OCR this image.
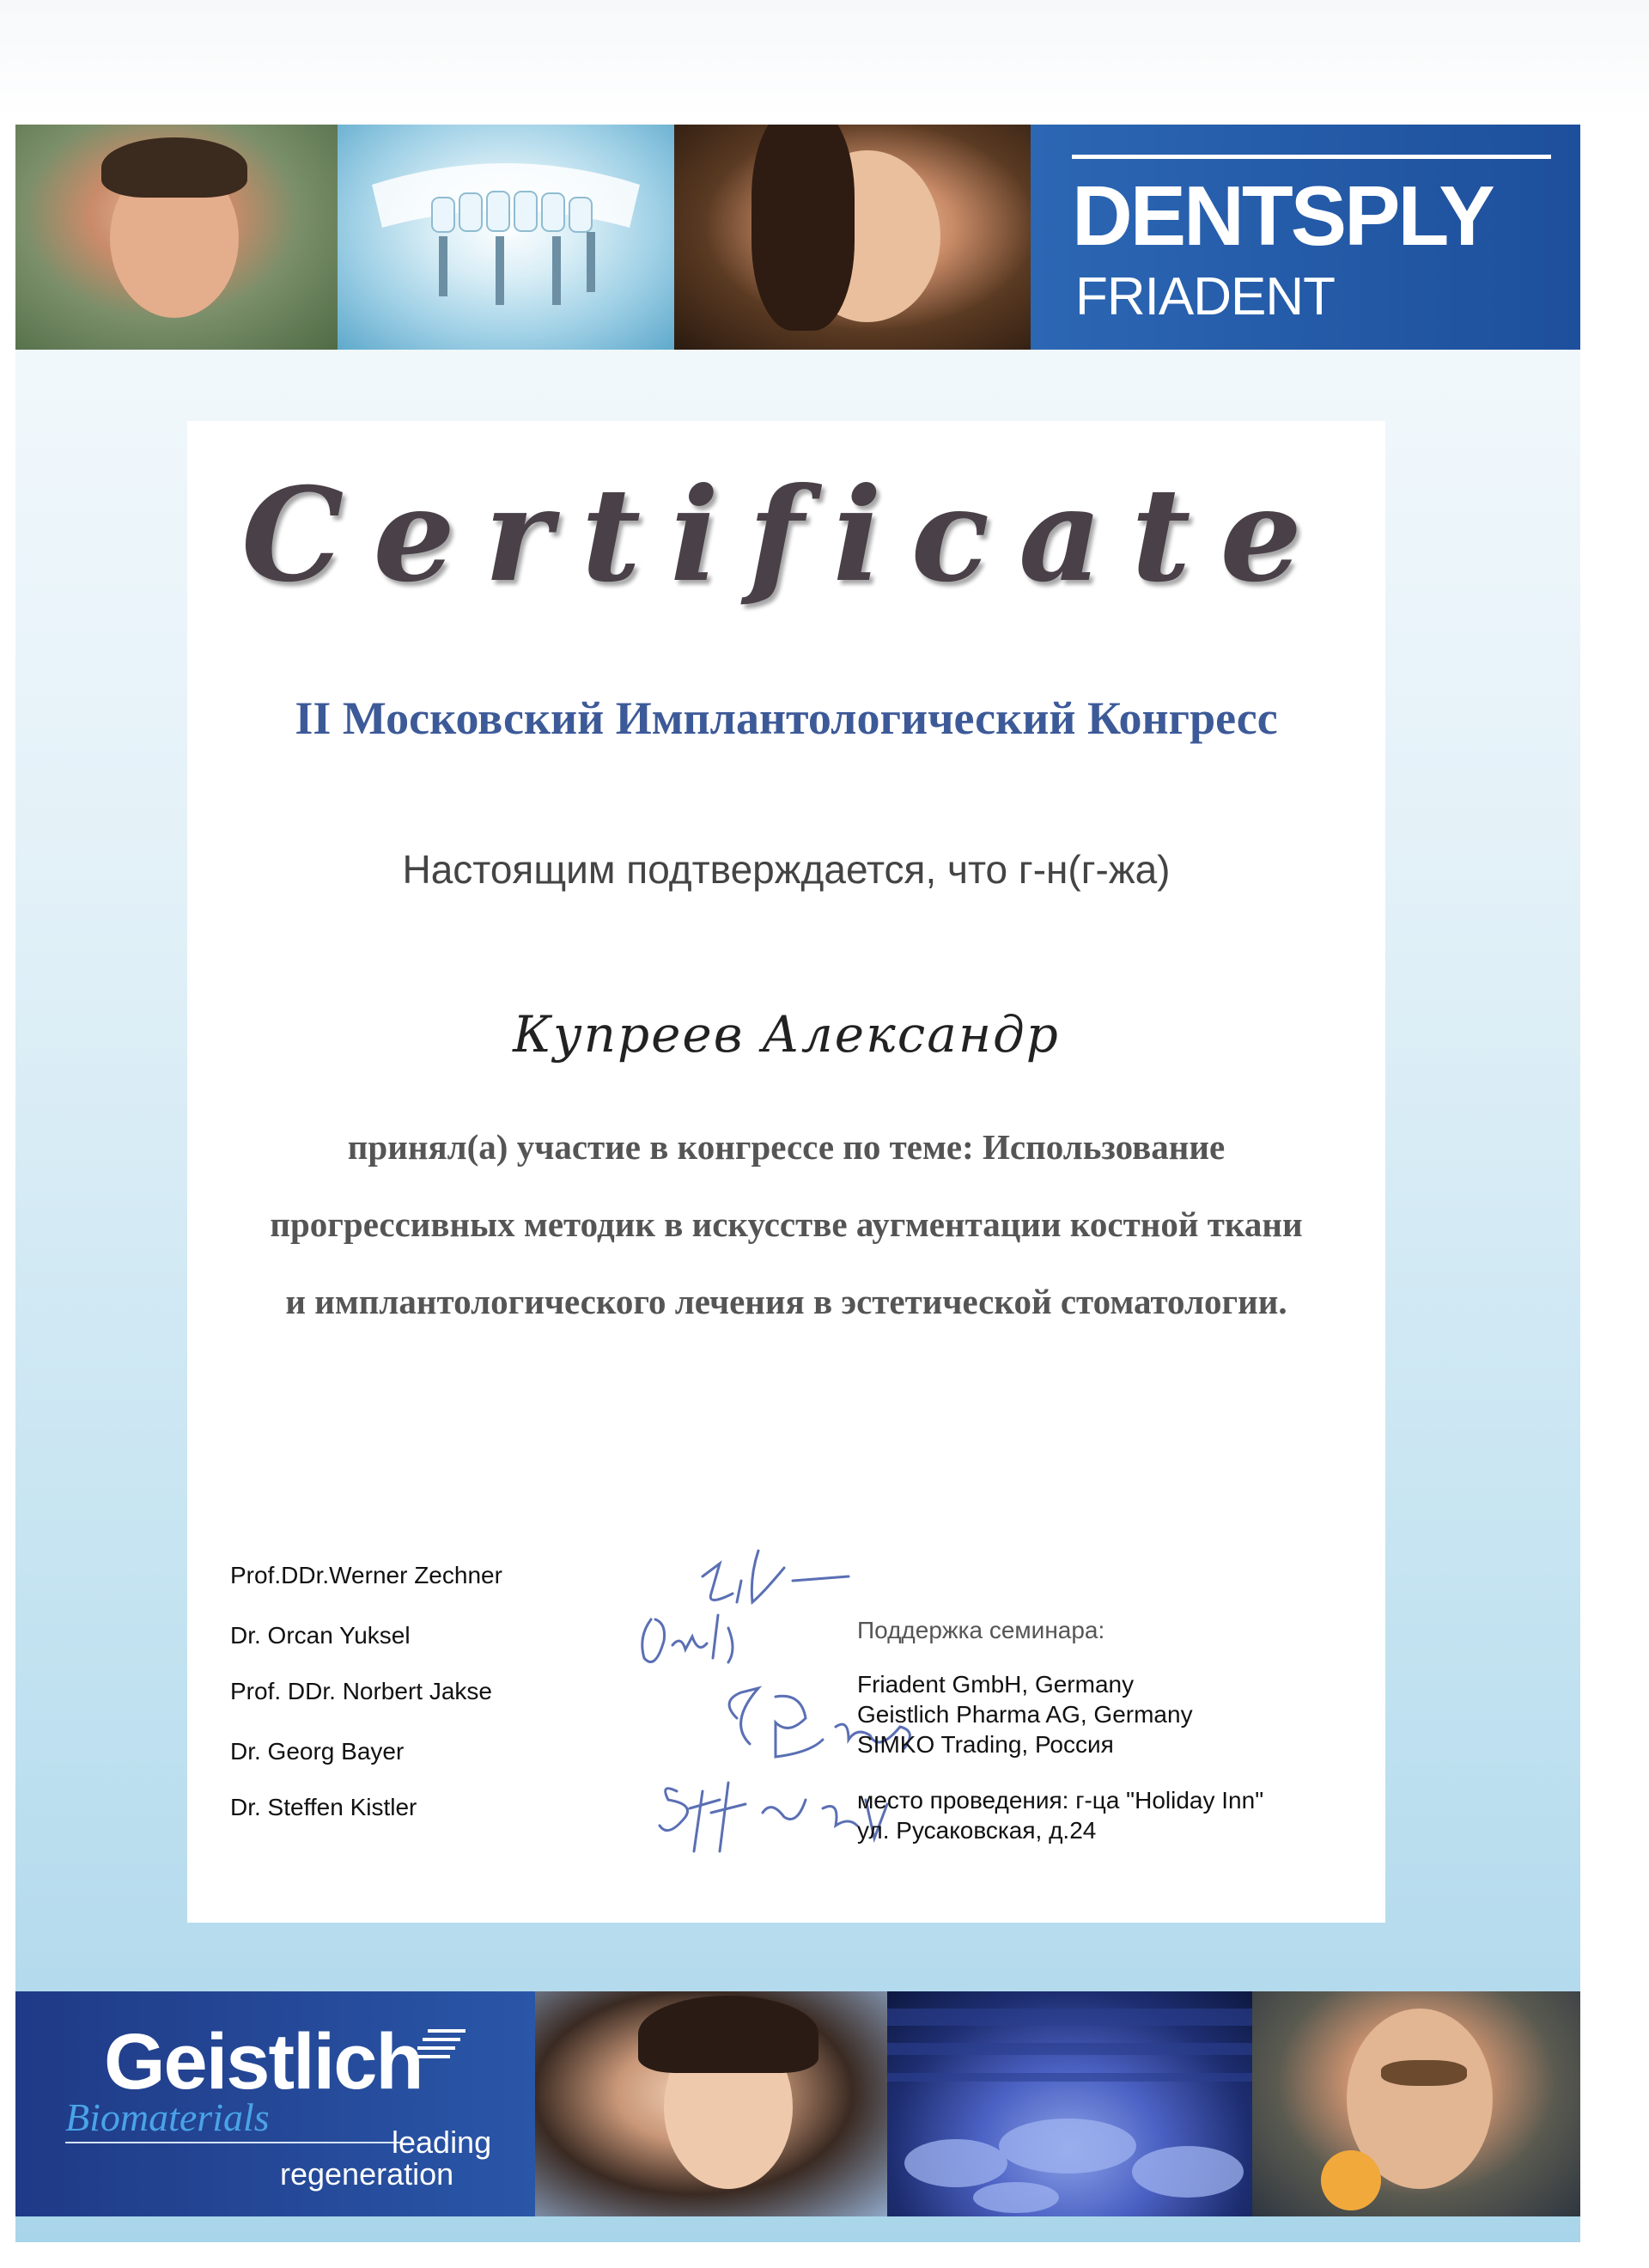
DENTSPLY
FRIADENT
Certificate
II Московский Имплантологический Конгресс
Настоящим подтверждается, что г-н(г-жа)
Купреев Александр
принял(а) участие в конгрессе по теме: Использование
прогрессивных методик в искусстве аугментации костной ткани
и имплантологического лечения в эстетической стоматологии.
Prof.DDr.Werner Zechner
Dr. Orcan Yuksel
Prof. DDr. Norbert Jakse
Dr. Georg Bayer
Dr. Steffen Kistler
Поддержка семинара:
Friadent GmbH, Germany
Geistlich Pharma AG, Germany
SIMKO Trading, Россия
место проведения: г-ца "Holiday Inn"
ул. Русаковская, д.24
Geistlich
Biomaterials
leading
regeneration
